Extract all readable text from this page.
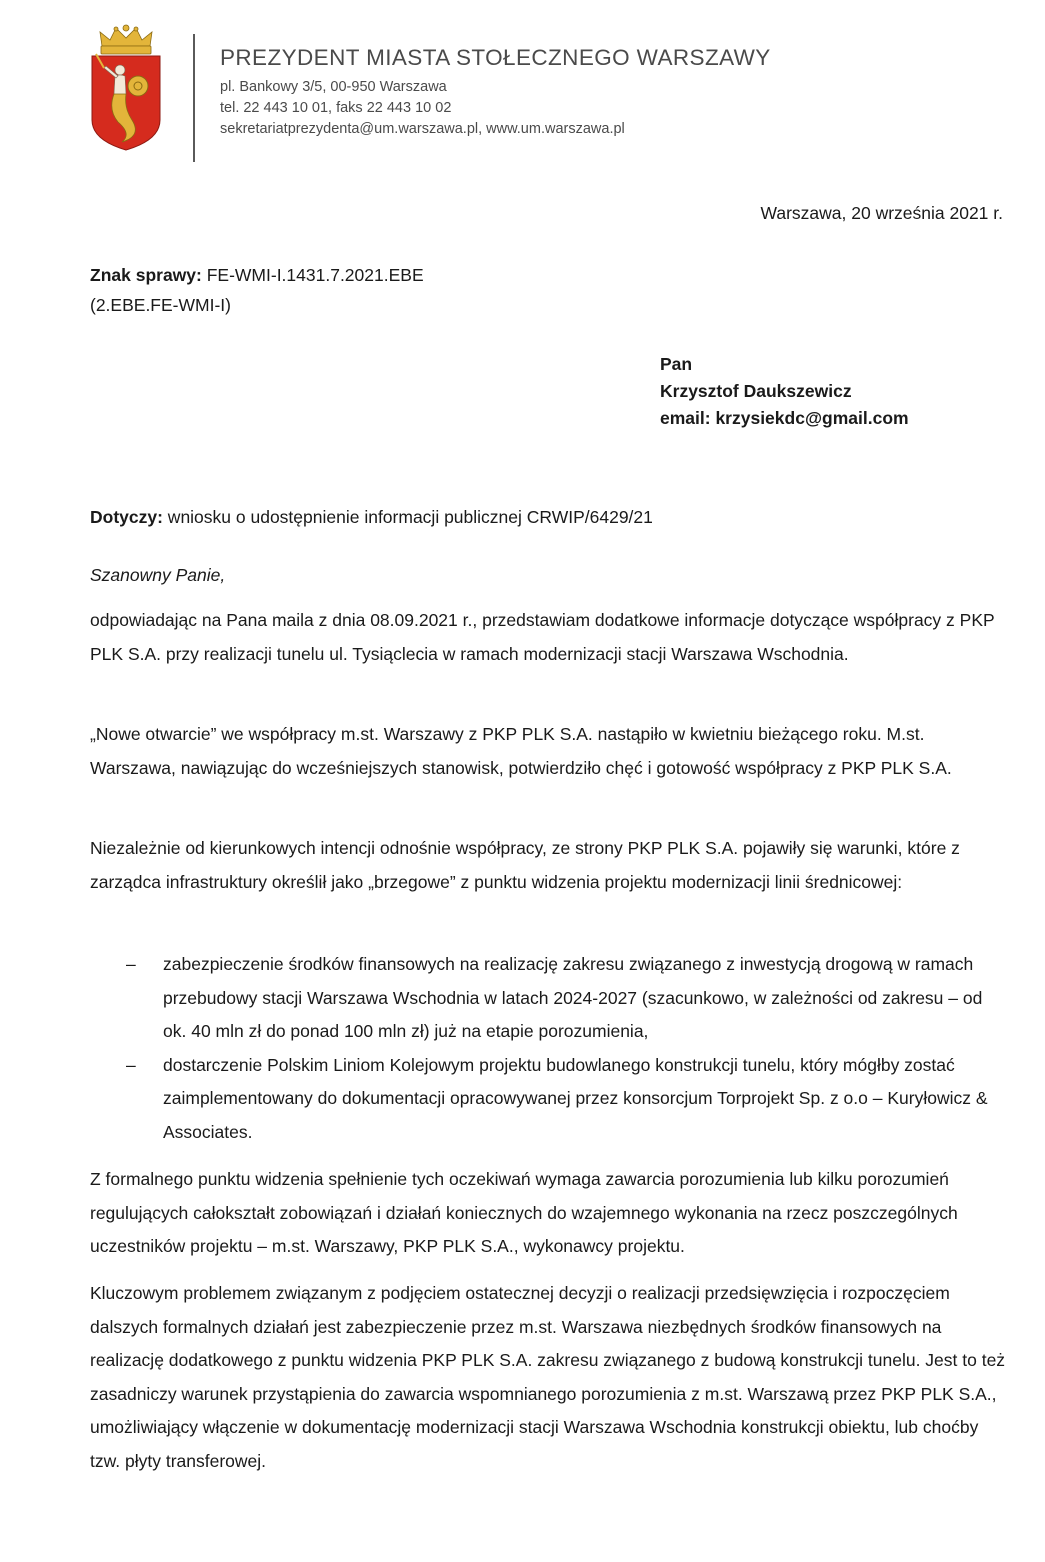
PREZYDENT MIASTA STOŁECZNEGO WARSZAWY
pl. Bankowy 3/5, 00-950 Warszawa
tel. 22 443 10 01, faks 22 443 10 02
sekretariatprezydenta@um.warszawa.pl, www.um.warszawa.pl
Warszawa, 20 września 2021 r.
Znak sprawy: FE-WMI-I.1431.7.2021.EBE
(2.EBE.FE-WMI-I)
Pan
Krzysztof Daukszewicz
email: krzysiekdc@gmail.com
Dotyczy: wniosku o udostępnienie informacji publicznej CRWIP/6429/21
Szanowny Panie,
odpowiadając na Pana maila z dnia 08.09.2021 r., przedstawiam dodatkowe informacje dotyczące współpracy z PKP PLK S.A. przy realizacji tunelu ul. Tysiąclecia w ramach modernizacji stacji Warszawa Wschodnia.
„Nowe otwarcie” we współpracy m.st. Warszawy z PKP PLK S.A. nastąpiło w kwietniu bieżącego roku. M.st. Warszawa, nawiązując do wcześniejszych stanowisk, potwierdziło chęć i gotowość współpracy z PKP PLK S.A.
Niezależnie od kierunkowych intencji odnośnie współpracy, ze strony PKP PLK S.A. pojawiły się warunki, które z zarządca infrastruktury określił jako „brzegowe” z punktu widzenia projektu modernizacji linii średnicowej:
– zabezpieczenie środków finansowych na realizację zakresu związanego z inwestycją drogową w ramach przebudowy stacji Warszawa Wschodnia w latach 2024-2027 (szacunkowo, w zależności od zakresu – od ok. 40 mln zł do ponad 100 mln zł) już na etapie porozumienia,
– dostarczenie Polskim Liniom Kolejowym projektu budowlanego konstrukcji tunelu, który mógłby zostać zaimplementowany do dokumentacji opracowywanej przez konsorcjum Torprojekt Sp. z o.o – Kuryłowicz & Associates.
Z formalnego punktu widzenia spełnienie tych oczekiwań wymaga zawarcia porozumienia lub kilku porozumień regulujących całokształt zobowiązań i działań koniecznych do wzajemnego wykonania na rzecz poszczególnych uczestników projektu – m.st. Warszawy, PKP PLK S.A., wykonawcy projektu.
Kluczowym problemem związanym z podjęciem ostatecznej decyzji o realizacji przedsięwzięcia i rozpoczęciem dalszych formalnych działań jest zabezpieczenie przez m.st. Warszawa niezbędnych środków finansowych na realizację dodatkowego z punktu widzenia PKP PLK S.A. zakresu związanego z budową konstrukcji tunelu. Jest to też zasadniczy warunek przystąpienia do zawarcia wspomnianego porozumienia z m.st. Warszawą przez PKP PLK S.A., umożliwiający włączenie w dokumentację modernizacji stacji Warszawa Wschodnia konstrukcji obiektu, lub choćby tzw. płyty transferowej.
